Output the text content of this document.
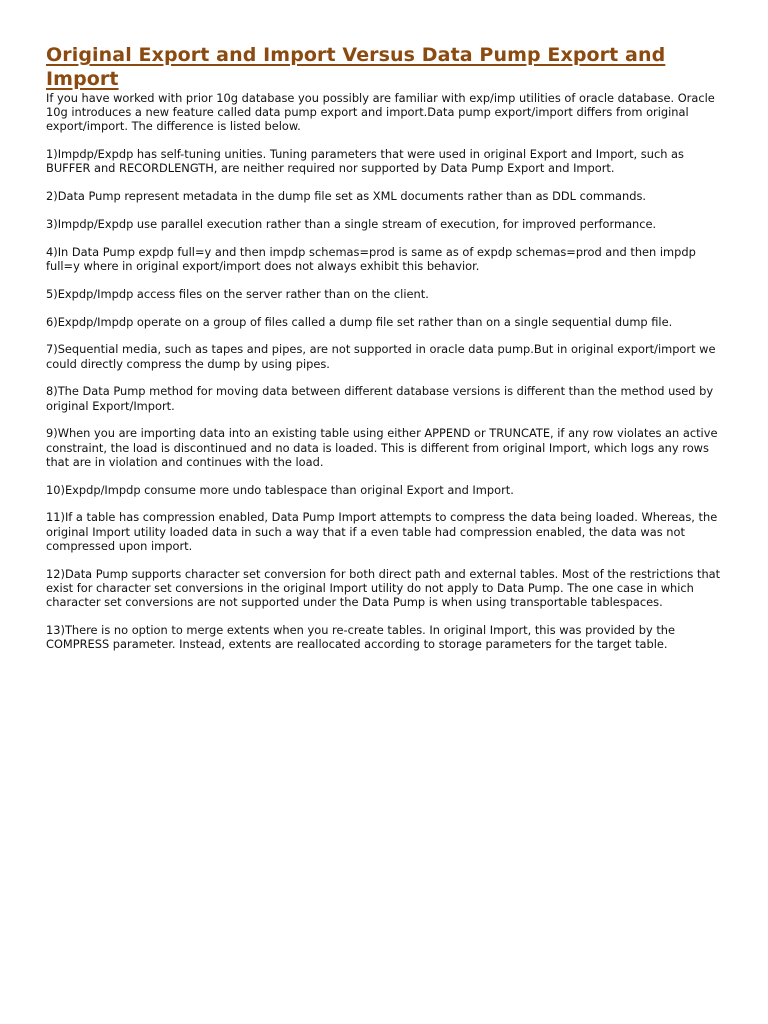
Original Export and Import Versus Data Pump Export and Import

If you have worked with prior 10g database you possibly are familiar with exp/imp utilities of oracle database. Oracle 10g introduces a new feature called data pump export and import.Data pump export/import differs from original export/import. The difference is listed below.

1)Impdp/Expdp has self-tuning unities. Tuning parameters that were used in original Export and Import, such as BUFFER and RECORDLENGTH, are neither required nor supported by Data Pump Export and Import.

2)Data Pump represent metadata in the dump file set as XML documents rather than as DDL commands.

3)Impdp/Expdp use parallel execution rather than a single stream of execution, for improved performance.

4)In Data Pump expdp full=y and then impdp schemas=prod is same as of expdp schemas=prod and then impdp full=y where in original export/import does not always exhibit this behavior.

5)Expdp/Impdp access files on the server rather than on the client.

6)Expdp/Impdp operate on a group of files called a dump file set rather than on a single sequential dump file.

7)Sequential media, such as tapes and pipes, are not supported in oracle data pump.But in original export/import we could directly compress the dump by using pipes.

8)The Data Pump method for moving data between different database versions is different than the method used by original Export/Import.

9)When you are importing data into an existing table using either APPEND or TRUNCATE, if any row violates an active constraint, the load is discontinued and no data is loaded. This is different from original Import, which logs any rows that are in violation and continues with the load.

10)Expdp/Impdp consume more undo tablespace than original Export and Import.

11)If a table has compression enabled, Data Pump Import attempts to compress the data being loaded. Whereas, the original Import utility loaded data in such a way that if a even table had compression enabled, the data was not compressed upon import.

12)Data Pump supports character set conversion for both direct path and external tables. Most of the restrictions that exist for character set conversions in the original Import utility do not apply to Data Pump. The one case in which character set conversions are not supported under the Data Pump is when using transportable tablespaces.

13)There is no option to merge extents when you re-create tables. In original Import, this was provided by the COMPRESS parameter. Instead, extents are reallocated according to storage parameters for the target table.
